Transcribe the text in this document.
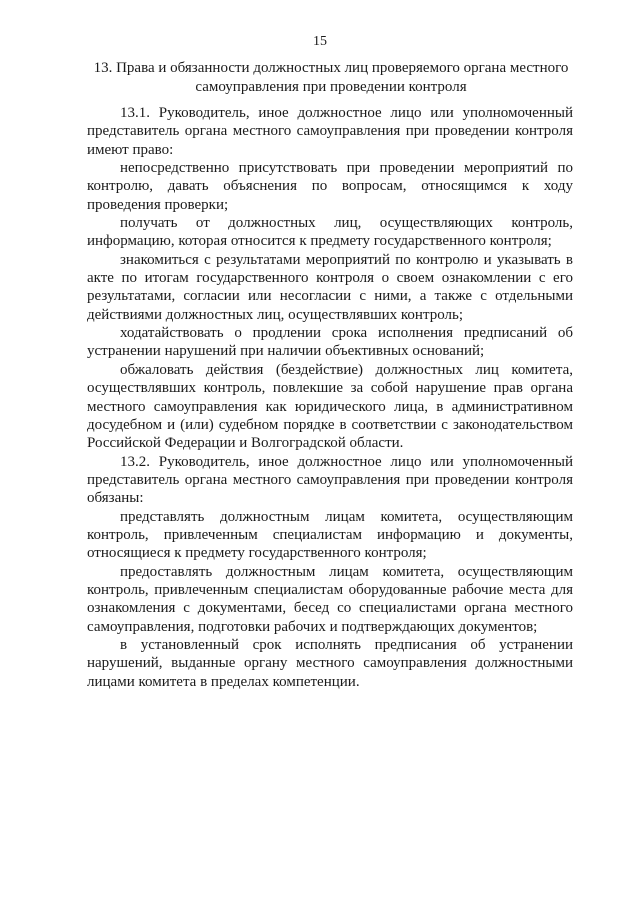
15
13. Права и обязанности должностных лиц проверяемого органа местного самоуправления при проведении контроля

13.1. Руководитель, иное должностное лицо или уполномоченный представитель органа местного самоуправления при проведении контроля имеют право:

непосредственно присутствовать при проведении мероприятий по контролю, давать объяснения по вопросам, относящимся к ходу проведения проверки;

получать от должностных лиц, осуществляющих контроль, информацию, которая относится к предмету государственного контроля;

знакомиться с результатами мероприятий по контролю и указывать в акте по итогам государственного контроля о своем ознакомлении с его результатами, согласии или несогласии с ними, а также с отдельными действиями должностных лиц, осуществлявших контроль;

ходатайствовать о продлении срока исполнения предписаний об устранении нарушений при наличии объективных оснований;

обжаловать действия (бездействие) должностных лиц комитета, осуществлявших контроль, повлекшие за собой нарушение прав органа местного самоуправления как юридического лица, в административном досудебном и (или) судебном порядке в соответствии с законодательством Российской Федерации и Волгоградской области.

13.2. Руководитель, иное должностное лицо или уполномоченный представитель органа местного самоуправления при проведении контроля обязаны:

представлять должностным лицам комитета, осуществляющим контроль, привлеченным специалистам информацию и документы, относящиеся к предмету государственного контроля;

предоставлять должностным лицам комитета, осуществляющим контроль, привлеченным специалистам оборудованные рабочие места для ознакомления с документами, бесед со специалистами органа местного самоуправления, подготовки рабочих и подтверждающих документов;

в установленный срок исполнять предписания об устранении нарушений, выданные органу местного самоуправления должностными лицами комитета в пределах компетенции.
